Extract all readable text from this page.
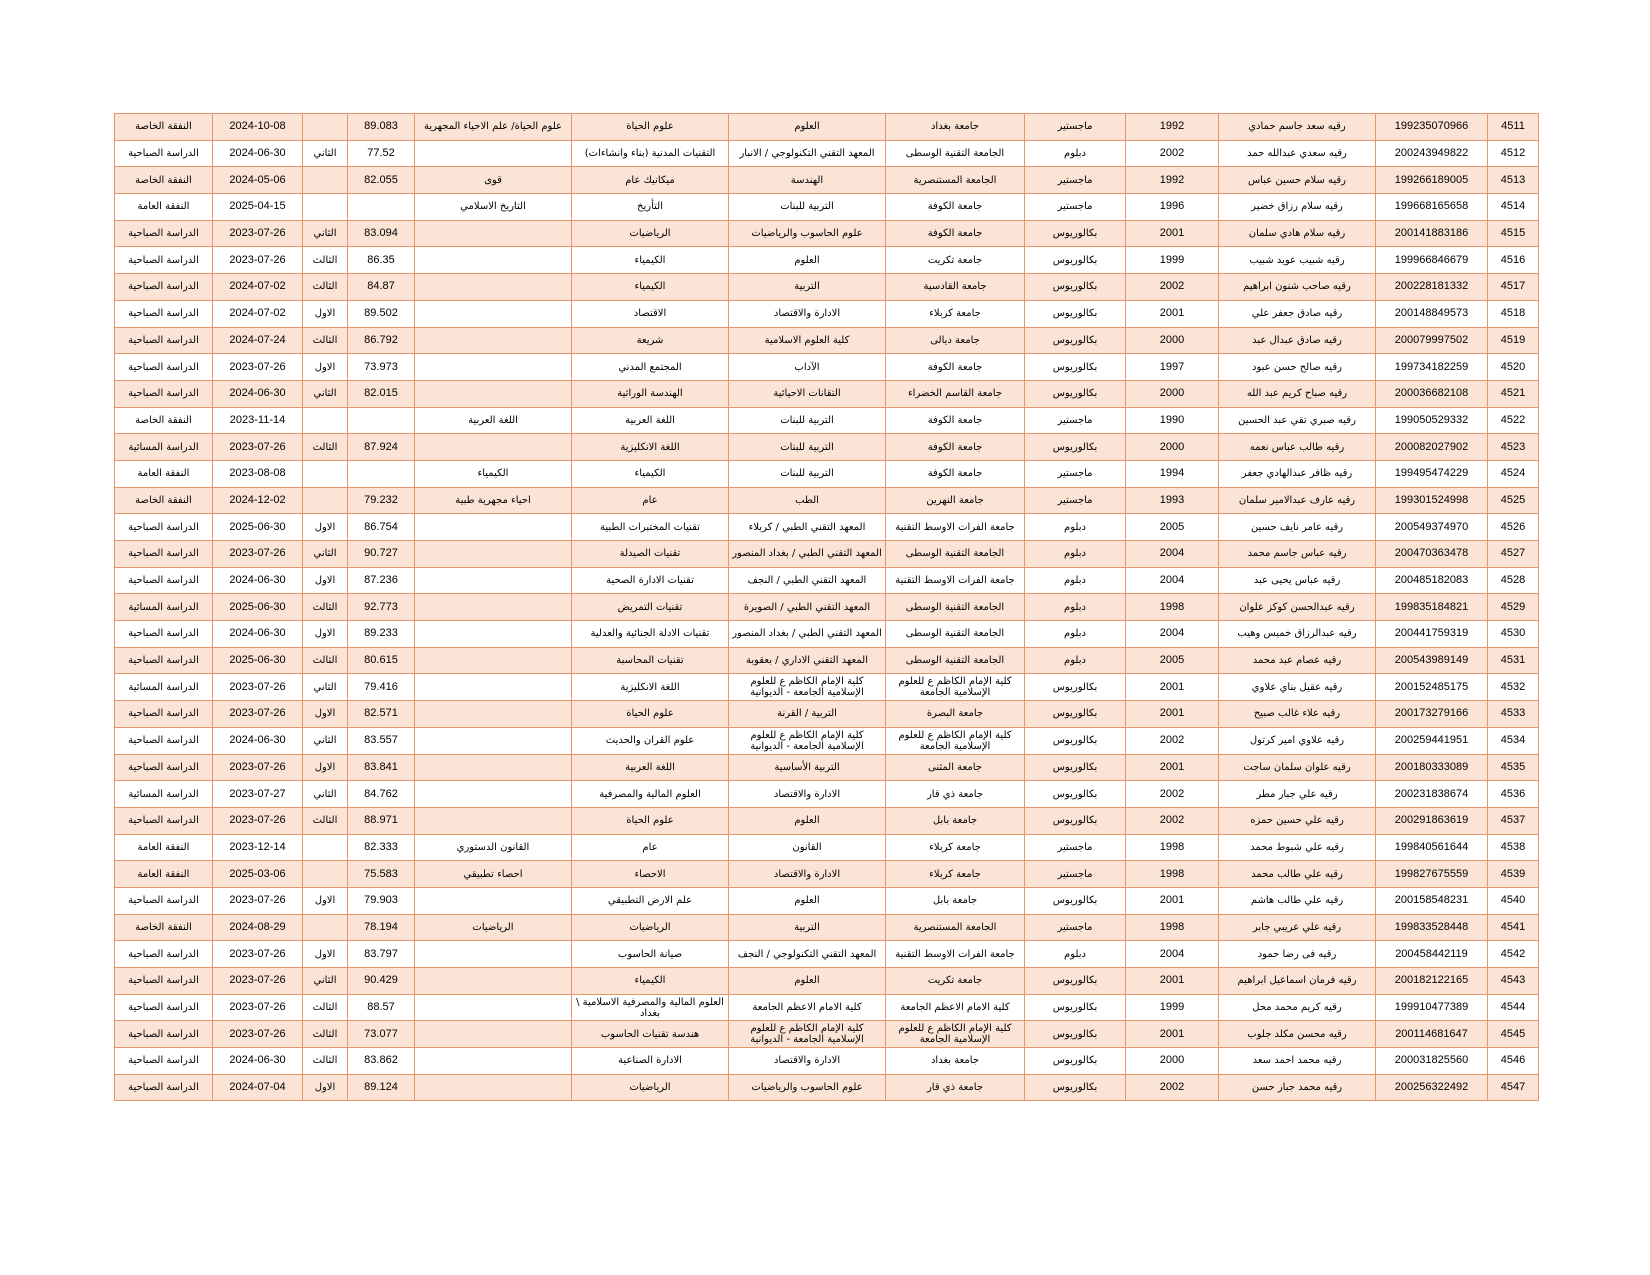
4511	199235070966	رقيه سعد جاسم حمادي	1992	ماجستير	جامعة بغداد	العلوم	علوم الحياة	علوم الحياة/ علم الاحياء المجهرية	89.083		2024-10-08	النفقة الخاصة
4512	200243949822	رقيه سعدي عبدالله حمد	2002	دبلوم	الجامعة التقنية الوسطى	المعهد التقني التكنولوجي / الانبار	التقنيات المدنية (بناء وانشاءات)		77.52	الثاني	2024-06-30	الدراسة الصباحية
4513	199266189005	رقيه سلام حسين عباس	1992	ماجستير	الجامعة المستنصرية	الهندسة	ميكانيك عام	قوى	82.055		2024-05-06	النفقة الخاصة
4514	199668165658	رقيه سلام رزاق خضير	1996	ماجستير	جامعة الكوفة	التربية للبنات	التأريخ	التاريخ الاسلامي			2025-04-15	النفقة العامة
4515	200141883186	رقيه سلام هادي سلمان	2001	بكالوريوس	جامعة الكوفة	علوم الحاسوب والرياضيات	الرياضيات		83.094	الثاني	2023-07-26	الدراسة الصباحية
4516	199966846679	رقيه شبيب عويد شبيب	1999	بكالوريوس	جامعة تكريت	العلوم	الكيمياء		86.35	الثالث	2023-07-26	الدراسة الصباحية
4517	200228181332	رقيه صاحب شنون ابراهيم	2002	بكالوريوس	جامعة القادسية	التربية	الكيمياء		84.87	الثالث	2024-07-02	الدراسة الصباحية
4518	200148849573	رقيه صادق جعفر علي	2001	بكالوريوس	جامعة كربلاء	الادارة والاقتصاد	الاقتصاد		89.502	الاول	2024-07-02	الدراسة الصباحية
4519	200079997502	رقيه صادق عبدال عبد	2000	بكالوريوس	جامعة ديالى	كلية العلوم الاسلامية	شريعة		86.792	الثالث	2024-07-24	الدراسة الصباحية
4520	199734182259	رقيه صالح حسن عبود	1997	بكالوريوس	جامعة الكوفة	الآداب	المجتمع المدني		73.973	الاول	2023-07-26	الدراسة الصباحية
4521	200036682108	رقيه صباح كريم عبد الله	2000	بكالوريوس	جامعة القاسم الخضراء	التقانات الاحيائية	الهندسة الوراثية		82.015	الثاني	2024-06-30	الدراسة الصباحية
4522	199050529332	رقيه صبري تقي عبد الحسين	1990	ماجستير	جامعة الكوفة	التربية للبنات	اللغة العربية	اللغة العربية			2023-11-14	النفقة الخاصة
4523	200082027902	رقيه طالب عباس نعمه	2000	بكالوريوس	جامعة الكوفة	التربية للبنات	اللغة الانكليزية		87.924	الثالث	2023-07-26	الدراسة المسائية
4524	199495474229	رقيه ظافر عبدالهادي جعفر	1994	ماجستير	جامعة الكوفة	التربية للبنات	الكيمياء	الكيمياء			2023-08-08	النفقة العامة
4525	199301524998	رقيه عارف عبدالامير سلمان	1993	ماجستير	جامعة النهرين	الطب	عام	احياء مجهرية طبية	79.232		2024-12-02	النفقة الخاصة
4526	200549374970	رقيه عامر نايف حسين	2005	دبلوم	جامعة الفرات الاوسط التقنية	المعهد التقني الطبي / كربلاء	تقنيات المختبرات الطبية		86.754	الاول	2025-06-30	الدراسة الصباحية
4527	200470363478	رقيه عباس جاسم محمد	2004	دبلوم	الجامعة التقنية الوسطى	المعهد التقني الطبي / بغداد المنصور	تقنيات الصيدلة		90.727	الثاني	2023-07-26	الدراسة الصباحية
4528	200485182083	رقيه عباس يحيى عبد	2004	دبلوم	جامعة الفرات الاوسط التقنية	المعهد التقني الطبي / النجف	تقنيات الادارة الصحية		87.236	الاول	2024-06-30	الدراسة الصباحية
4529	199835184821	رقيه عبدالحسن كوكز علوان	1998	دبلوم	الجامعة التقنية الوسطى	المعهد التقني الطبي / الصويرة	تقنيات التمريض		92.773	الثالث	2025-06-30	الدراسة المسائية
4530	200441759319	رقيه عبدالرزاق خميس وهيب	2004	دبلوم	الجامعة التقنية الوسطى	المعهد التقني الطبي / بغداد المنصور	تقنيات الادلة الجنائية والعدلية		89.233	الاول	2024-06-30	الدراسة الصباحية
4531	200543989149	رقيه عصام عبد محمد	2005	دبلوم	الجامعة التقنية الوسطى	المعهد التقني الاداري / بعقوبة	تقنيات المحاسبة		80.615	الثالث	2025-06-30	الدراسة الصباحية
4532	200152485175	رقيه عقيل بناي علاوي	2001	بكالوريوس	كلية الإمام الكاظم ع للعلوم الإسلامية الجامعة	كلية الإمام الكاظم ع للعلوم الإسلامية الجامعة - الديوانية	اللغة الانكليزية		79.416	الثاني	2023-07-26	الدراسة المسائية
4533	200173279166	رقيه علاء غالب صبيح	2001	بكالوريوس	جامعة البصرة	التربية / القرنة	علوم الحياة		82.571	الاول	2023-07-26	الدراسة الصباحية
4534	200259441951	رقيه علاوي امير كرتول	2002	بكالوريوس	كلية الإمام الكاظم ع للعلوم الإسلامية الجامعة	كلية الإمام الكاظم ع للعلوم الإسلامية الجامعة - الديوانية	علوم القران والحديث		83.557	الثاني	2024-06-30	الدراسة الصباحية
4535	200180333089	رقيه علوان سلمان ساجت	2001	بكالوريوس	جامعة المثنى	التربية الأساسية	اللغة العربية		83.841	الاول	2023-07-26	الدراسة الصباحية
4536	200231838674	رقيه علي جبار مطر	2002	بكالوريوس	جامعة ذي قار	الادارة والاقتصاد	العلوم المالية والمصرفية		84.762	الثاني	2023-07-27	الدراسة المسائية
4537	200291863619	رقيه علي حسين حمزه	2002	بكالوريوس	جامعة بابل	العلوم	علوم الحياة		88.971	الثالث	2023-07-26	الدراسة الصباحية
4538	199840561644	رقيه علي شبوط محمد	1998	ماجستير	جامعة كربلاء	القانون	عام	القانون الدستوري	82.333		2023-12-14	النفقة العامة
4539	199827675559	رقيه علي طالب محمد	1998	ماجستير	جامعة كربلاء	الادارة والاقتصاد	الاحصاء	احصاء تطبيقي	75.583		2025-03-06	النفقة العامة
4540	200158548231	رقيه علي طالب هاشم	2001	بكالوريوس	جامعة بابل	العلوم	علم الارض التطبيقي		79.903	الاول	2023-07-26	الدراسة الصباحية
4541	199833528448	رقيه علي عريبي جابر	1998	ماجستير	الجامعة المستنصرية	التربية	الرياضيات	الرياضيات	78.194		2024-08-29	النفقة الخاصة
4542	200458442119	رقيه فى رضا حمود	2004	دبلوم	جامعة الفرات الاوسط التقنية	المعهد التقني التكنولوجي / النجف	صيانة الحاسوب		83.797	الاول	2023-07-26	الدراسة الصباحية
4543	200182122165	رقيه فرمان اسماعيل ابراهيم	2001	بكالوريوس	جامعة تكريت	العلوم	الكيمياء		90.429	الثاني	2023-07-26	الدراسة الصباحية
4544	199910477389	رقيه كريم محمد محل	1999	بكالوريوس	كلية الامام الاعظم الجامعة	كلية الامام الاعظم الجامعة	العلوم المالية والمصرفية الاسلامية \ بغداد		88.57	الثالث	2023-07-26	الدراسة الصباحية
4545	200114681647	رقيه محسن مكلد جلوب	2001	بكالوريوس	كلية الإمام الكاظم ع للعلوم الإسلامية الجامعة	كلية الإمام الكاظم ع للعلوم الإسلامية الجامعة - الديوانية	هندسة تقنيات الحاسوب		73.077	الثالث	2023-07-26	الدراسة الصباحية
4546	200031825560	رقيه محمد احمد سعد	2000	بكالوريوس	جامعة بغداد	الادارة والاقتصاد	الادارة الصناعية		83.862	الثالث	2024-06-30	الدراسة الصباحية
4547	200256322492	رقيه محمد جبار حسن	2002	بكالوريوس	جامعة ذي قار	علوم الحاسوب والرياضيات	الرياضيات		89.124	الاول	2024-07-04	الدراسة الصباحية
